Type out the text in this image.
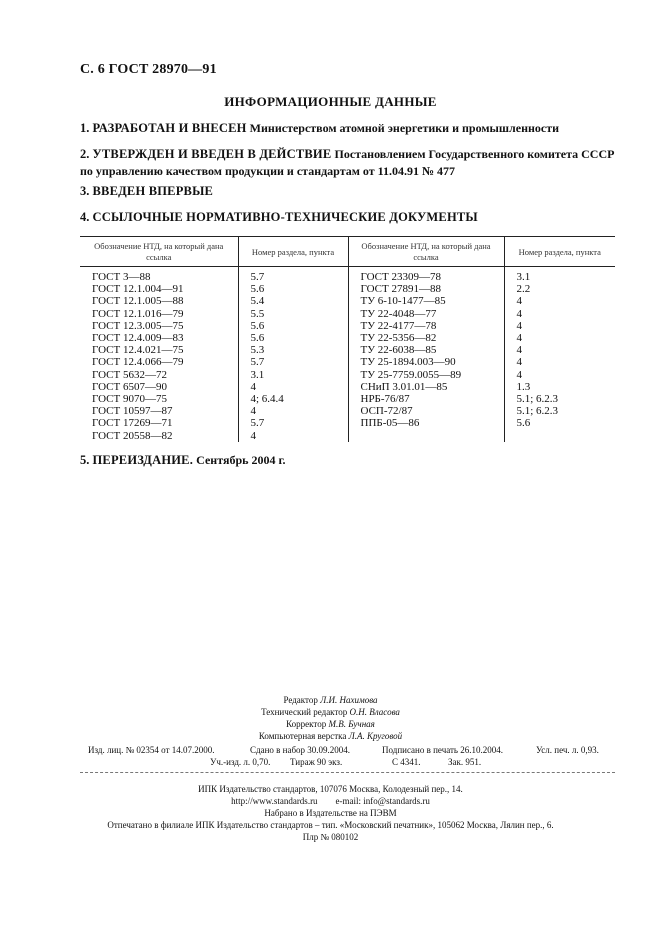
С. 6 ГОСТ 28970—91
ИНФОРМАЦИОННЫЕ ДАННЫЕ
1. РАЗРАБОТАН И ВНЕСЕН Министерством атомной энергетики и промышленности
2. УТВЕРЖДЕН И ВВЕДЕН В ДЕЙСТВИЕ Постановлением Государственного комитета СССР по управлению качеством продукции и стандартам от 11.04.91 № 477
3. ВВЕДЕН ВПЕРВЫЕ
4. ССЫЛОЧНЫЕ НОРМАТИВНО-ТЕХНИЧЕСКИЕ ДОКУМЕНТЫ
Обозначение НТД, на который дана ссылка	Номер раздела, пункта	Обозначение НТД, на который дана ссылка	Номер раздела, пункта
ГОСТ 3—88	5.7	ГОСТ 23309—78	3.1
ГОСТ 12.1.004—91	5.6	ГОСТ 27891—88	2.2
ГОСТ 12.1.005—88	5.4	ТУ 6-10-1477—85	4
ГОСТ 12.1.016—79	5.5	ТУ 22-4048—77	4
ГОСТ 12.3.005—75	5.6	ТУ 22-4177—78	4
ГОСТ 12.4.009—83	5.6	ТУ 22-5356—82	4
ГОСТ 12.4.021—75	5.3	ТУ 22-6038—85	4
ГОСТ 12.4.066—79	5.7	ТУ 25-1894.003—90	4
ГОСТ 5632—72	3.1	ТУ 25-7759.0055—89	4
ГОСТ 6507—90	4	СНиП 3.01.01—85	1.3
ГОСТ 9070—75	4; 6.4.4	НРБ-76/87	5.1; 6.2.3
ГОСТ 10597—87	4	ОСП-72/87	5.1; 6.2.3
ГОСТ 17269—71	5.7	ППБ-05—86	5.6
ГОСТ 20558—82	4		
5. ПЕРЕИЗДАНИЕ. Сентябрь 2004 г.
Редактор Л.И. Нахимова
Технический редактор О.Н. Власова
Корректор М.В. Бучная
Компьютерная верстка Л.А. Круговой
Изд. лиц. № 02354 от 14.07.2000.	Сдано в набор 30.09.2004.	Подписано в печать 26.10.2004.	Усл. печ. л. 0,93.
Уч.-изд. л. 0,70. Тираж 90 экз.	С 4341.	Зак. 951.
ИПК Издательство стандартов, 107076 Москва, Колодезный пер., 14.
http://www.standards.ru        e-mail: info@standards.ru
Набрано в Издательстве на ПЭВМ
Отпечатано в филиале ИПК Издательство стандартов – тип. «Московский печатник», 105062 Москва, Лялин пер., 6.
Плр № 080102
